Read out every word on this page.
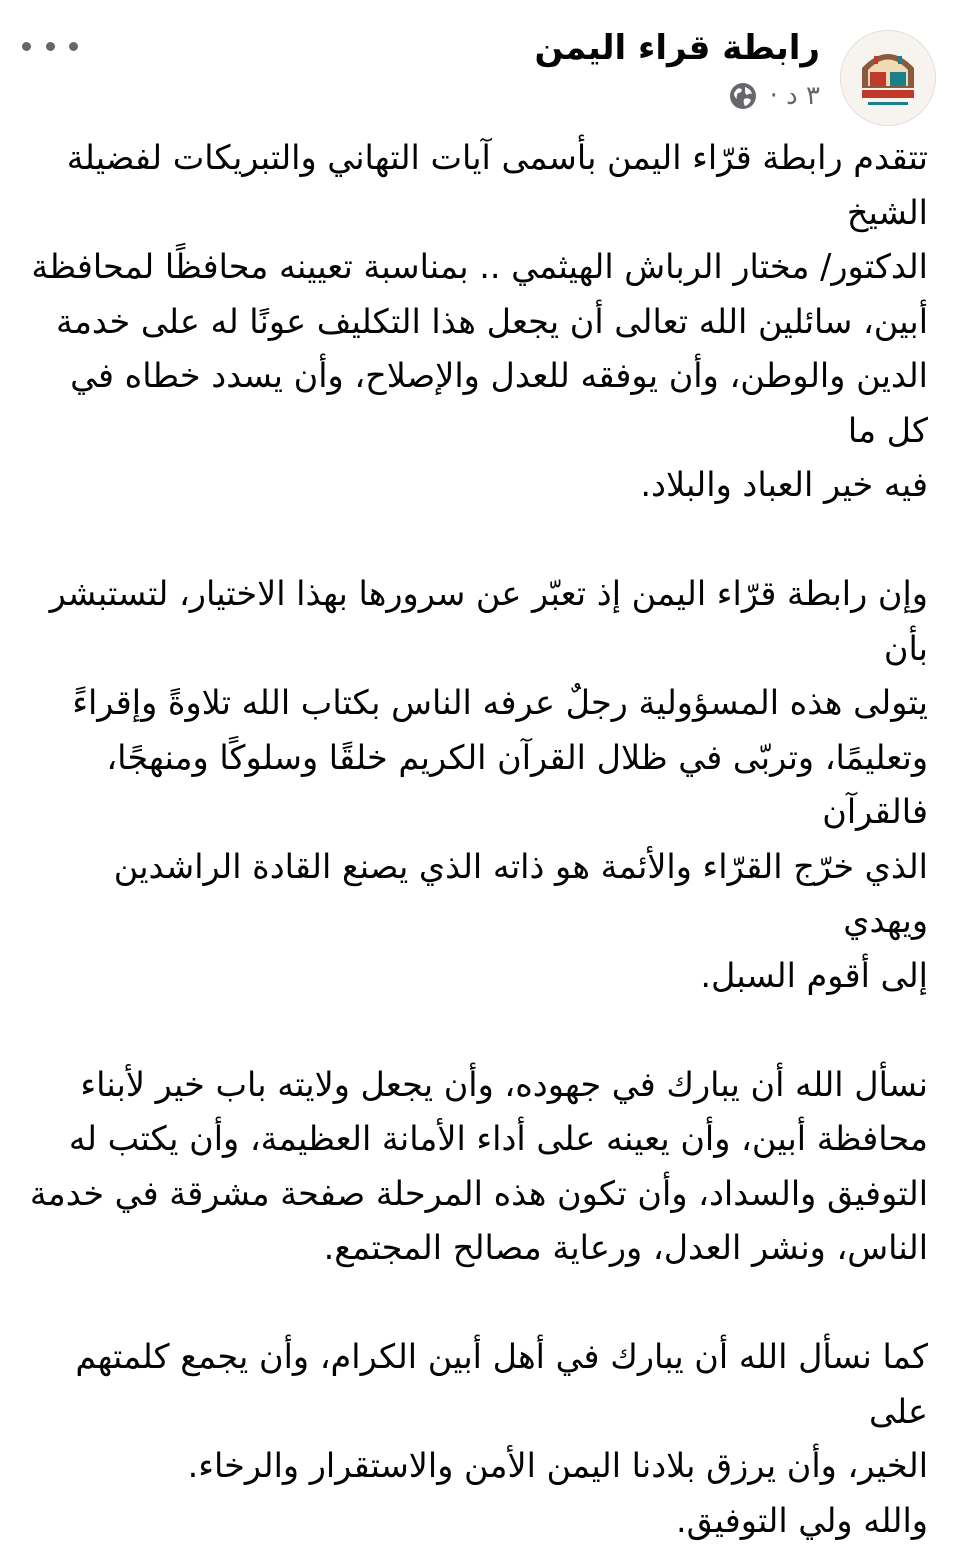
رابطة قراء اليمن
٣ د ·

تتقدم رابطة قرّاء اليمن بأسمى آيات التهاني والتبريكات لفضيلة الشيخ
الدكتور/ مختار الرباش الهيثمي .. بمناسبة تعيينه محافظًا لمحافظة
أبين، سائلين الله تعالى أن يجعل هذا التكليف عونًا له على خدمة
الدين والوطن، وأن يوفقه للعدل والإصلاح، وأن يسدد خطاه في كل ما
فيه خير العباد والبلاد.

وإن رابطة قرّاء اليمن إذ تعبّر عن سرورها بهذا الاختيار، لتستبشر بأن
يتولى هذه المسؤولية رجلٌ عرفه الناس بكتاب الله تلاوةً وإقراءً
وتعليمًا، وتربّى في ظلال القرآن الكريم خلقًا وسلوكًا ومنهجًا، فالقرآن
الذي خرّج القرّاء والأئمة هو ذاته الذي يصنع القادة الراشدين ويهدي
إلى أقوم السبل.

نسأل الله أن يبارك في جهوده، وأن يجعل ولايته باب خير لأبناء
محافظة أبين، وأن يعينه على أداء الأمانة العظيمة، وأن يكتب له
التوفيق والسداد، وأن تكون هذه المرحلة صفحة مشرقة في خدمة
الناس، ونشر العدل، ورعاية مصالح المجتمع.

كما نسأل الله أن يبارك في أهل أبين الكرام، وأن يجمع كلمتهم على
الخير، وأن يرزق بلادنا اليمن الأمن والاستقرار والرخاء.
والله ولي التوفيق.
